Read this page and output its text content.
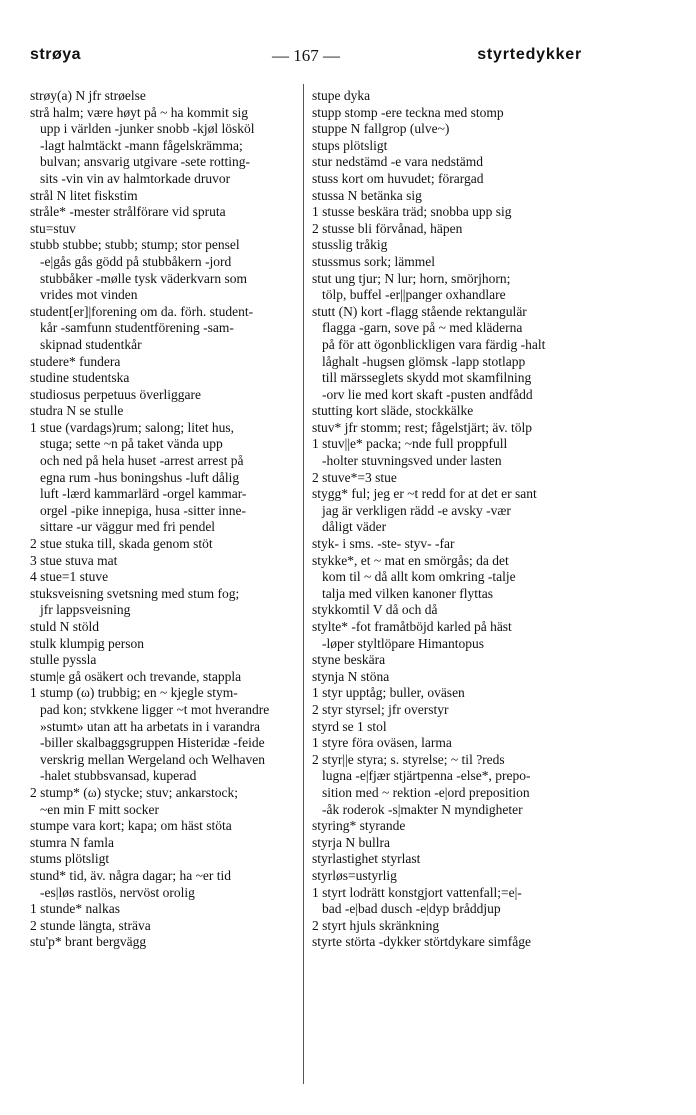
strøya	— 167 —	styrtedykker
strøy(a) N jfr strøelse
strå halm; være høyt på ~ ha kommit sig
upp i världen -junker snobb -kjøl lösköl
-lagt halmtäckt -mann fågelskrämma;
bulvan; ansvarig utgivare -sete rotting-
sits -vin vin av halmtorkade druvor
strål N litet fiskstim
stråle* -mester strålförare vid spruta
stu=stuv
stubb stubbe; stubb; stump; stor pensel
-e|gås gås gödd på stubbåkern -jord
stubbåker -mølle tysk väderkvarn som
vrides mot vinden
student[er]|forening om da. förh. student-
kår -samfunn studentförening -sam-
skipnad studentkår
studere* fundera
studine studentska
studiosus perpetuus överliggare
studra N se stulle
1 stue (vardags)rum; salong; litet hus,
stuga; sette ~n på taket vända upp
och ned på hela huset -arrest arrest på
egna rum -hus boningshus -luft dålig
luft -lærd kammarlärd -orgel kammar-
orgel -pike innepiga, husa -sitter inne-
sittare -ur väggur med fri pendel
2 stue stuka till, skada genom stöt
3 stue stuva mat
4 stue=1 stuve
stuksveisning svetsning med stum fog;
jfr lappsveisning
stuld N stöld
stulk klumpig person
stulle pyssla
stum|e gå osäkert och trevande, stappla
1 stump (ω) trubbig; en ~ kjegle stym-
pad kon; stvkkene ligger ~t mot hverandre
»stumt» utan att ha arbetats in i varandra
-biller skalbaggsgruppen Histeridæ -feide
verskrig mellan Wergeland och Welhaven
-halet stubbsvansad, kuperad
2 stump* (ω) stycke; stuv; ankarstock;
~en min F mitt socker
stumpe vara kort; kapa; om häst stöta
stumra N famla
stums plötsligt
stund* tid, äv. några dagar; ha ~er tid
-es|løs rastlös, nervöst orolig
1 stunde* nalkas
2 stunde längta, sträva
stu'p* brant bergvägg
stupe dyka
stupp stomp -ere teckna med stomp
stuppe N fallgrop (ulve~)
stups plötsligt
stur nedstämd -e vara nedstämd
stuss kort om huvudet; förargad
stussa N betänka sig
1 stusse beskära träd; snobba upp sig
2 stusse bli förvånad, häpen
stusslig tråkig
stussmus sork; lämmel
stut ung tjur; N lur; horn, smörjhorn;
tölp, buffel -er||panger oxhandlare
stutt (N) kort -flagg stående rektangulär
flagga -garn, sove på ~ med kläderna
på för att ögonblickligen vara färdig -halt
låghalt -hugsen glömsk -lapp stotlapp
till märsseglets skydd mot skamfilning
-orv lie med kort skaft -pusten andfådd
stutting kort släde, stockkälke
stuv* jfr stomm; rest; fågelstjärt; äv. tölp
1 stuv||e* packa; ~nde full proppfull
-holter stuvningsved under lasten
2 stuve*=3 stue
stygg* ful; jeg er ~t redd for at det er sant
jag är verkligen rädd -e avsky -vær
dåligt väder
styk- i sms. -ste- styv- -far
stykke*, et ~ mat en smörgås; da det
kom til ~ då allt kom omkring -talje
talja med vilken kanoner flyttas
stykkomtil V då och då
stylte* -fot framåtböjd karled på häst
-løper styltlöpare Himantopus
styne beskära
stynja N stöna
1 styr upptåg; buller, oväsen
2 styr styrsel; jfr overstyr
styrd se 1 stol
1 styre föra oväsen, larma
2 styr||e styra; s. styrelse; ~ til ?reds
lugna -e|fjær stjärtpenna -else*, prepo-
sition med ~ rektion -e|ord preposition
-åk roderok -s|makter N myndigheter
styring* styrande
styrja N bullra
styrlastighet styrlast
styrløs=ustyrlig
1 styrt lodrätt konstgjort vattenfall;=e|-
bad -e|bad dusch -e|dyp bråddjup
2 styrt hjuls skränkning
styrte störta -dykker störtdykare simfåge
